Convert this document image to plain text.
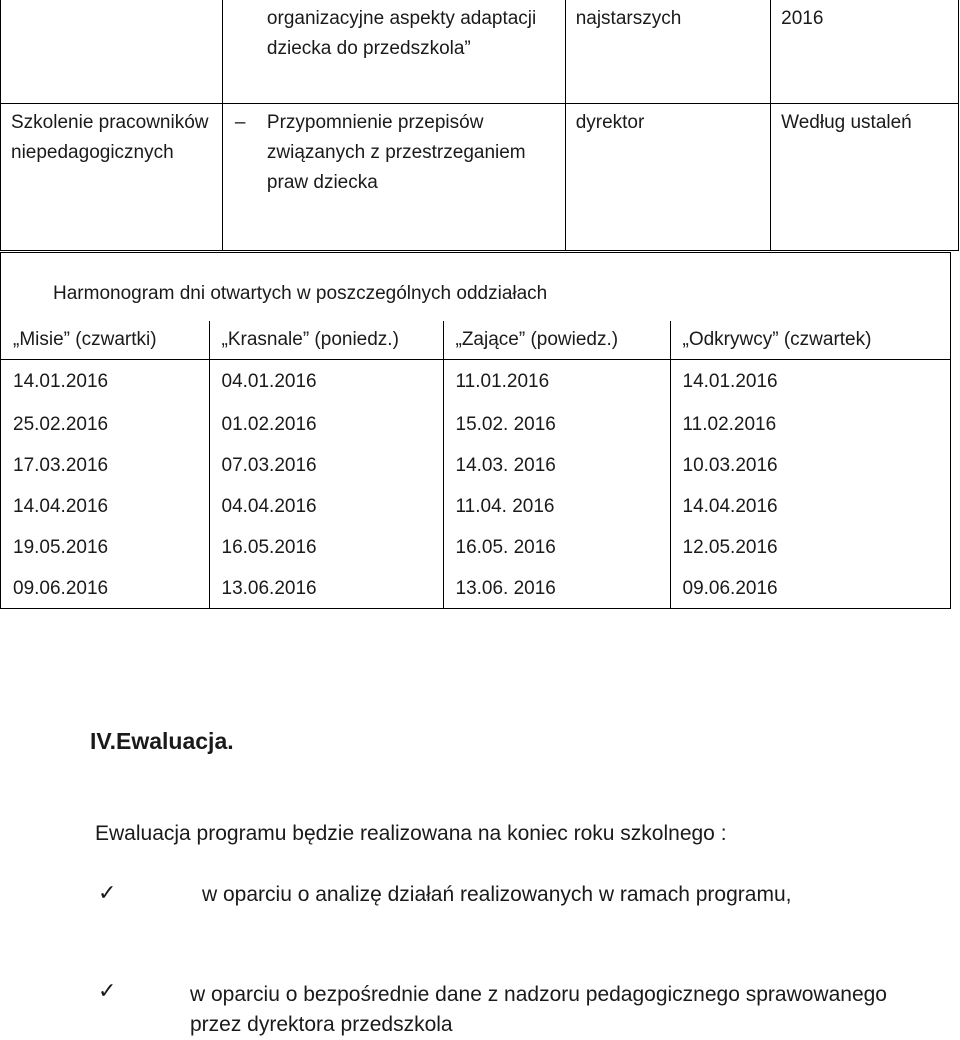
	organizacyjne aspekty adaptacji dziecka do przedszkola”	najstarszych	2016
Szkolenie pracowników niepedagogicznych	– Przypomnienie przepisów związanych z przestrzeganiem praw dziecka	dyrektor	Według ustaleń
Harmonogram dni otwartych w poszczególnych oddziałach
„Misie” (czwartki)	„Krasnale” (poniedz.)	„Zające” (powiedz.)	„Odkrywcy” (czwartek)
14.01.2016	04.01.2016	11.01.2016	14.01.2016
25.02.2016	01.02.2016	15.02. 2016	11.02.2016
17.03.2016	07.03.2016	14.03. 2016	10.03.2016
14.04.2016	04.04.2016	11.04. 2016	14.04.2016
19.05.2016	16.05.2016	16.05. 2016	12.05.2016
09.06.2016	13.06.2016	13.06. 2016	09.06.2016
IV.Ewaluacja.
Ewaluacja programu będzie realizowana na koniec roku szkolnego :
✓	w oparciu o analizę działań realizowanych w ramach programu,
✓	w oparciu o bezpośrednie dane z nadzoru pedagogicznego sprawowanego przez dyrektora przedszkola
